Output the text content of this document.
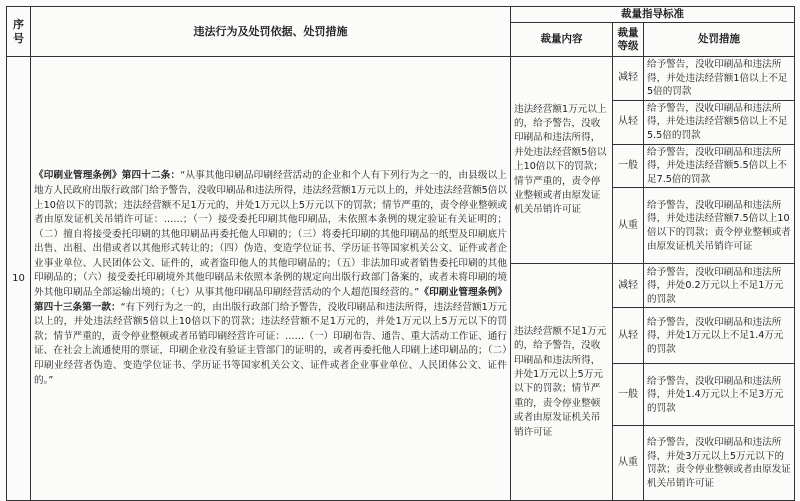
序号	违法行为及处罚依据、处罚措施	裁量指导标准		
		裁量内容	裁量等级	处罚措施
10	《印刷业管理条例》第四十二条：“从事其他印刷品印刷经营活动的企业和个人有下列行为之一的，由县级以上地方人民政府出版行政部门给予警告，没收印刷品和违法所得，违法经营额1万元以上的，并处违法经营额5倍以上10倍以下的罚款；违法经营额不足1万元的，并处1万元以上5万元以下的罚款；情节严重的，责令停业整顿或者由原发证机关吊销许可证：……；（一）接受委托印刷其他印刷品，未依照本条例的规定验证有关证明的；（二）擅自将接受委托印刷的其他印刷品再委托他人印刷的；（三）将委托印刷的其他印刷品的纸型及印刷底片出售、出租、出借或者以其他形式转让的；（四）伪造、变造学位证书、学历证书等国家机关公文、证件或者企业事业单位、人民团体公文、证件的，或者盗印他人的其他印刷品的；（五）非法加印或者销售委托印刷的其他印刷品的；（六）接受委托印刷境外其他印刷品未依照本条例的规定向出版行政部门备案的，或者未将印刷的境外其他印刷品全部运输出境的；（七）从事其他印刷品印刷经营活动的个人超范围经营的。”《印刷业管理条例》第四十三条第一款：“有下列行为之一的，由出版行政部门给予警告，没收印刷品和违法所得，违法经营额1万元以上的，并处违法经营额5倍以上10倍以下的罚款；违法经营额不足1万元的，并处1万元以上5万元以下的罚款；情节严重的，责令停业整顿或者吊销印刷经营许可证：……（一）印刷布告、通告、重大活动工作证、通行证、在社会上流通使用的票证，印刷企业没有验证主管部门的证明的，或者再委托他人印刷上述印刷品的；（二）印刷业经营者伪造、变造学位证书、学历证书等国家机关公文、证件或者企业事业单位、人民团体公文、证件的。”	违法经营额1万元以上的，给予警告，没收印刷品和违法所得，并处违法经营额5倍以上10倍以下的罚款；情节严重的，责令停业整顿或者由原发证机关吊销许可证	减轻	给予警告，没收印刷品和违法所得，并处违法经营额1倍以上不足5倍的罚款
			从轻	给予警告，没收印刷品和违法所得，并处违法经营额5倍以上不足5.5倍的罚款
			一般	给予警告，没收印刷品和违法所得，并处违法经营额5.5倍以上不足7.5倍的罚款
			从重	给予警告，没收印刷品和违法所得，并处违法经营额7.5倍以上10倍以下的罚款；责令停业整顿或者由原发证机关吊销许可证
		违法经营额不足1万元的，给予警告，没收印刷品和违法所得，并处1万元以上5万元以下的罚款；情节严重的，责令停业整顿或者由原发证机关吊销许可证	减轻	给予警告，没收印刷品和违法所得，并处0.2万元以上不足1万元的罚款
			从轻	给予警告，没收印刷品和违法所得，并处1万元以上不足1.4万元的罚款
			一般	给予警告，没收印刷品和违法所得，并处1.4万元以上不足3万元的罚款
			从重	给予警告，没收印刷品和违法所得，并处3万元以上5万元以下的罚款；责令停业整顿或者由原发证机关吊销许可证
